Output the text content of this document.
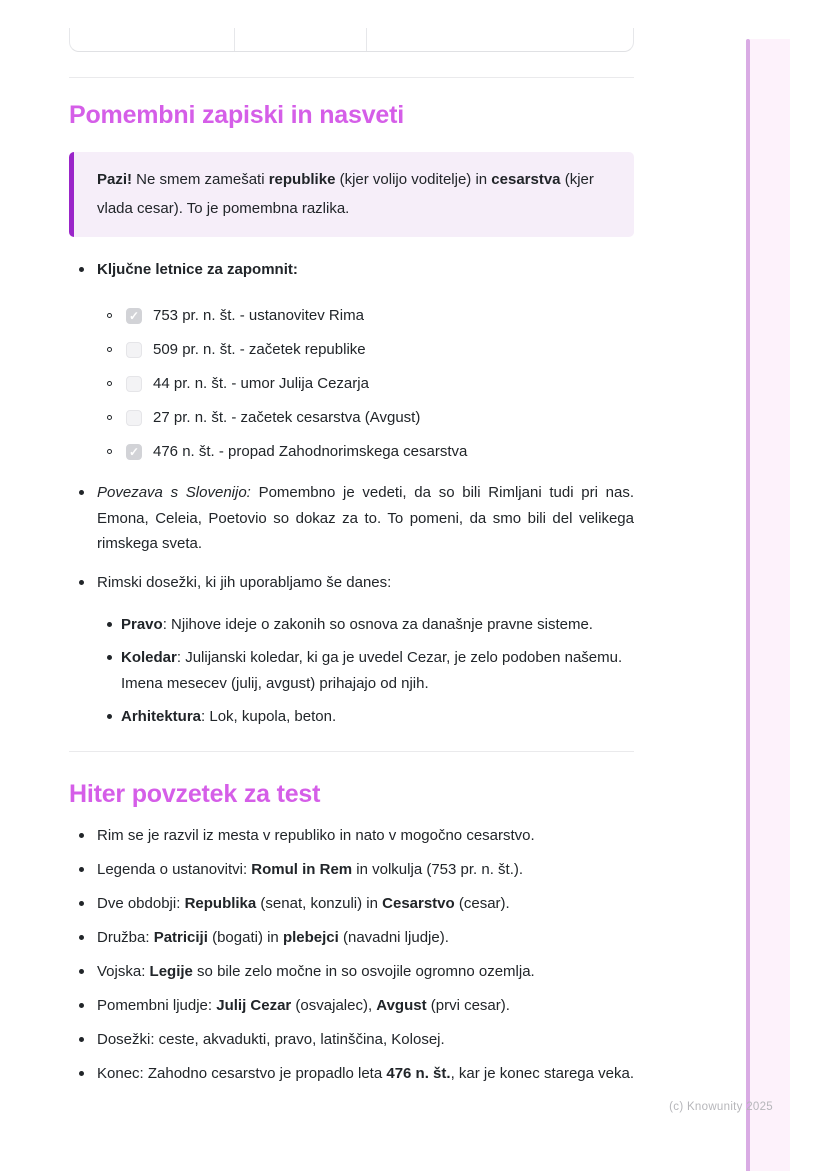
Pomembni zapiski in nasveti

Pazi! Ne smem zamešati republike (kjer volijo voditelje) in cesarstva (kjer vlada cesar). To je pomembna razlika.

Ključne letnice za zapomnit:
✓ 753 pr. n. št. - ustanovitev Rima
509 pr. n. št. - začetek republike
44 pr. n. št. - umor Julija Cezarja
27 pr. n. št. - začetek cesarstva (Avgust)
✓ 476 n. št. - propad Zahodnorimskega cesarstva

Povezava s Slovenijo: Pomembno je vedeti, da so bili Rimljani tudi pri nas. Emona, Celeia, Poetovio so dokaz za to. To pomeni, da smo bili del velikega rimskega sveta.

Rimski dosežki, ki jih uporabljamo še danes:

Pravo: Njihove ideje o zakonih so osnova za današnje pravne sisteme.

Koledar: Julijanski koledar, ki ga je uvedel Cezar, je zelo podoben našemu. Imena mesecev (julij, avgust) prihajajo od njih.

Arhitektura: Lok, kupola, beton.

Hiter povzetek za test

Rim se je razvil iz mesta v republiko in nato v mogočno cesarstvo.

Legenda o ustanovitvi: Romul in Rem in volkulja (753 pr. n. št.).

Dve obdobji: Republika (senat, konzuli) in Cesarstvo (cesar).

Družba: Patriciji (bogati) in plebejci (navadni ljudje).

Vojska: Legije so bile zelo močne in so osvojile ogromno ozemlja.

Pomembni ljudje: Julij Cezar (osvajalec), Avgust (prvi cesar).

Dosežki: ceste, akvadukti, pravo, latinščina, Kolosej.

Konec: Zahodno cesarstvo je propadlo leta 476 n. št., kar je konec starega veka.

(c) Knowunity 2025
